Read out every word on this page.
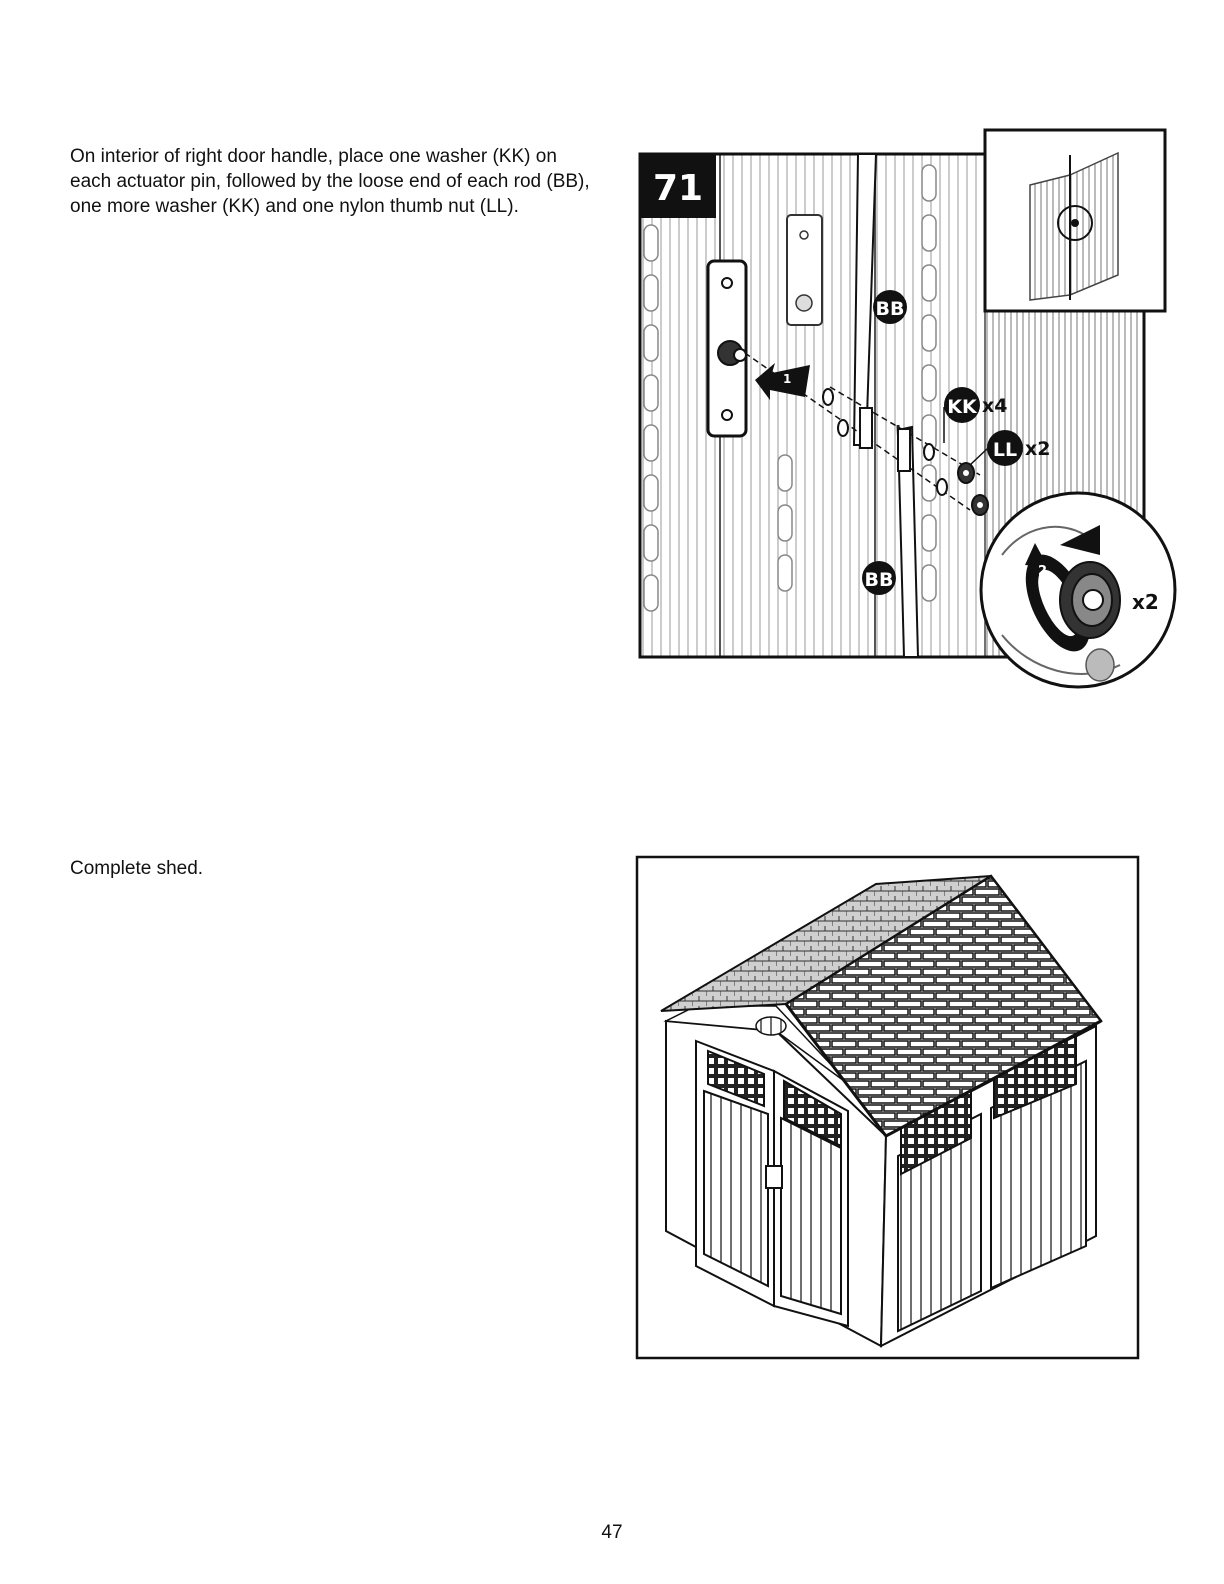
On interior of right door handle, place one washer (KK) on each actuator pin, followed by the loose end of each rod (BB), one more washer (KK) and one nylon thumb nut (LL).	71
1
BB
BB
KK x4
LL x2
2
x2

Complete shed.

47
